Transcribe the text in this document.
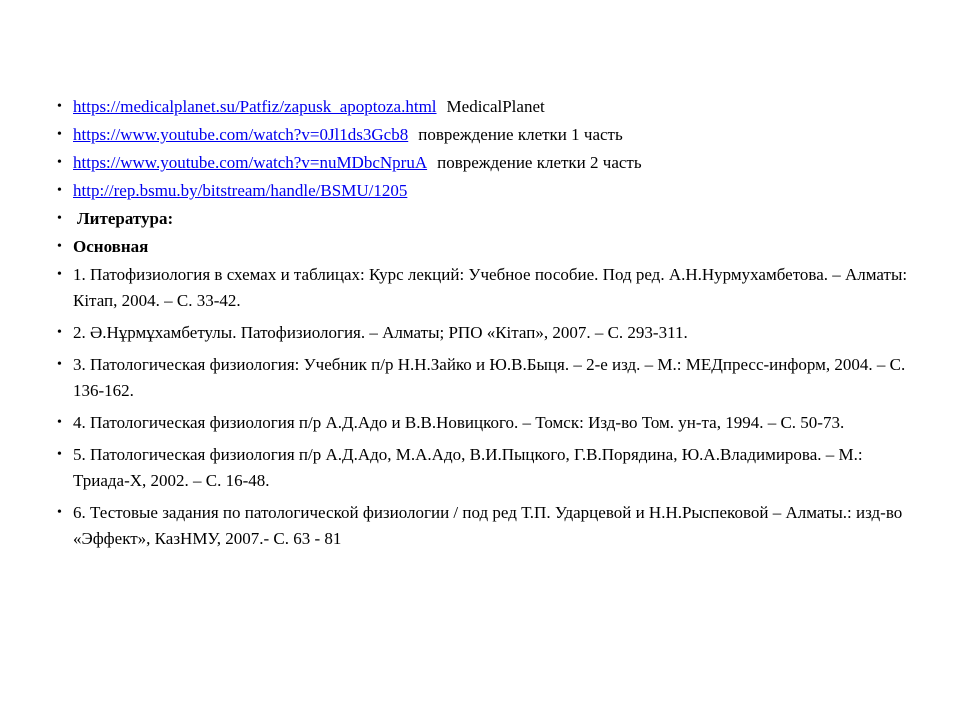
• https://medicalplanet.su/Patfiz/zapusk_apoptoza.html MedicalPlanet
• https://www.youtube.com/watch?v=0Jl1ds3Gcb8 повреждение клетки 1 часть
• https://www.youtube.com/watch?v=nuMDbcNpruA повреждение клетки 2 часть
• http://rep.bsmu.by/bitstream/handle/BSMU/1205
• Литература:
• Основная
• 1. Патофизиология в схемах и таблицах: Курс лекций: Учебное пособие. Под ред. А.Н.Нурмухамбетова. – Алматы: Кітап, 2004. – С. 33-42.
• 2. Ә.Нұрмұхамбетулы. Патофизиология. – Алматы; РПО «Кітап», 2007. – С. 293-311.
• 3. Патологическая физиология: Учебник п/р Н.Н.Зайко и Ю.В.Быця. – 2-е изд. – М.: МЕДпресс-информ, 2004. – С. 136-162.
• 4. Патологическая физиология п/р А.Д.Адо и В.В.Новицкого. – Томск: Изд-во Том. ун-та, 1994. – С. 50-73.
• 5. Патологическая физиология п/р А.Д.Адо, М.А.Адо, В.И.Пыцкого, Г.В.Порядина, Ю.А.Владимирова. – М.: Триада-Х, 2002. – С. 16-48.
• 6. Тестовые задания по патологической физиологии / под ред Т.П. Ударцевой и Н.Н.Рыспековой – Алматы.: изд-во «Эффект», КазНМУ, 2007.- С. 63 - 81
